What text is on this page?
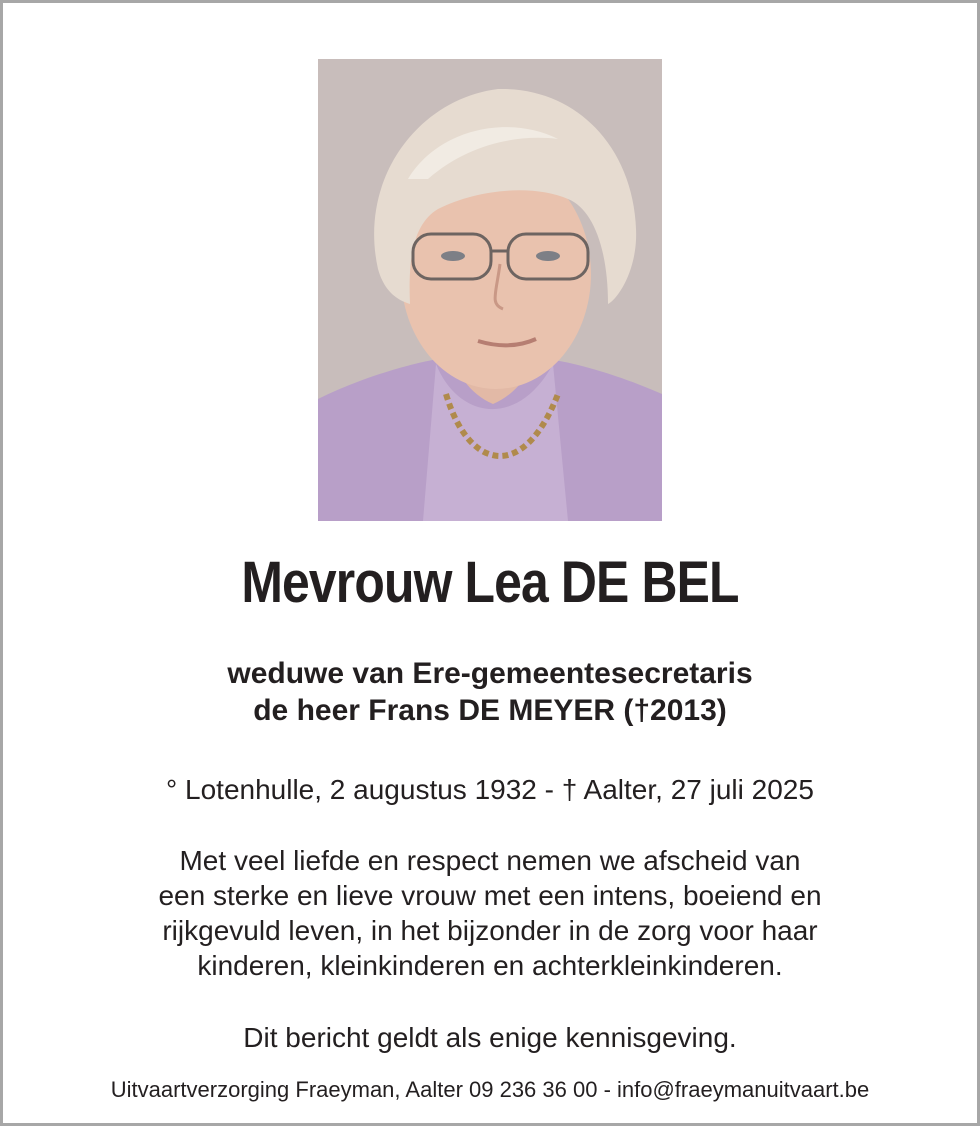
Mevrouw Lea DE BEL
weduwe van Ere-gemeentesecretaris
de heer Frans DE MEYER (†2013)

° Lotenhulle, 2 augustus 1932 - † Aalter, 27 juli 2025

Met veel liefde en respect nemen we afscheid van
een sterke en lieve vrouw met een intens, boeiend en
rijkgevuld leven, in het bijzonder in de zorg voor haar
kinderen, kleinkinderen en achterkleinkinderen.

Dit bericht geldt als enige kennisgeving.

Uitvaartverzorging Fraeyman, Aalter 09 236 36 00 - info@fraeymanuitvaart.be
